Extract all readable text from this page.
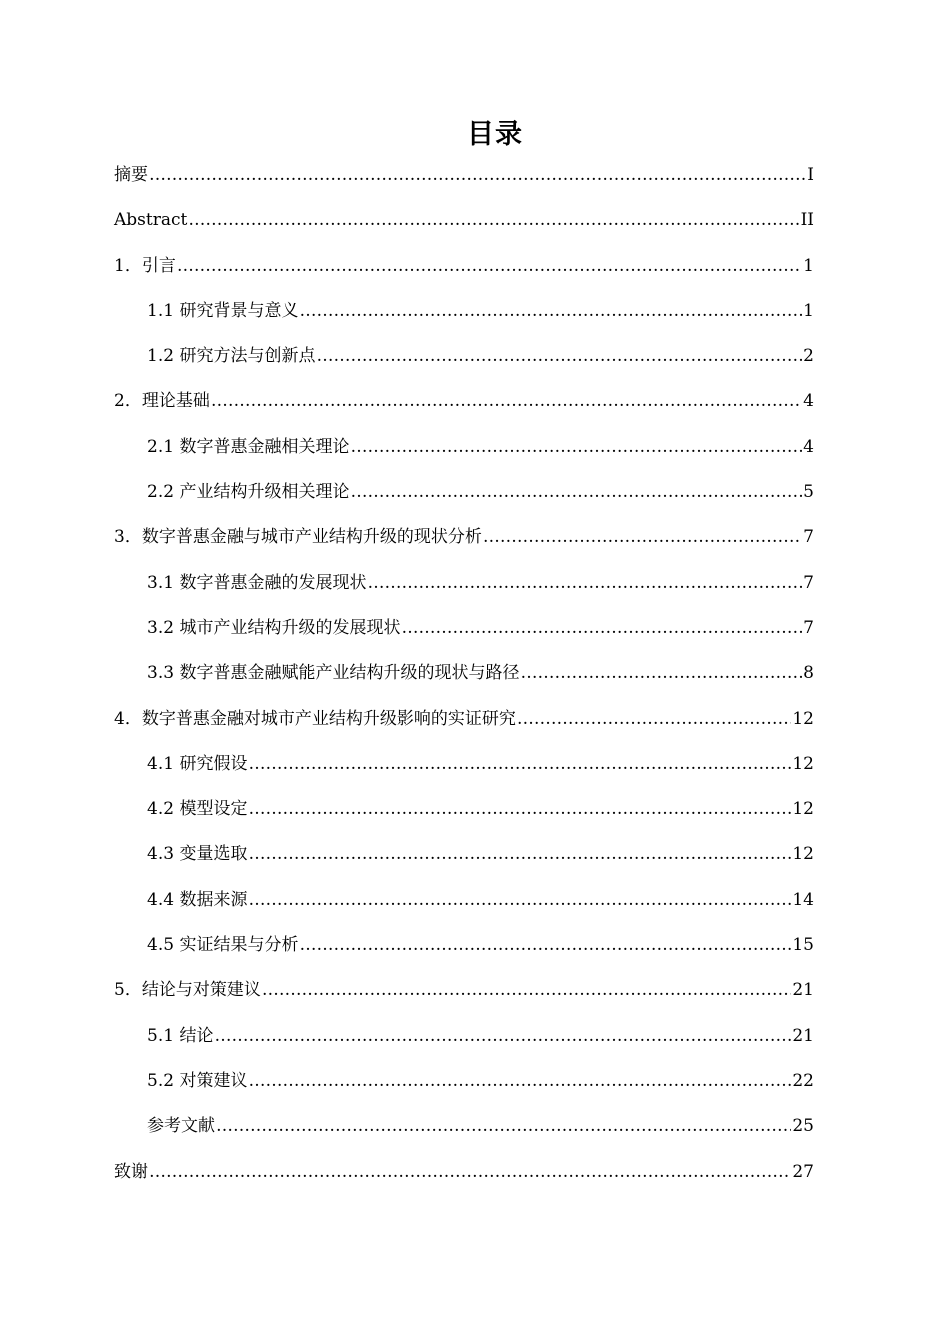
目录
摘要 ……………………………………………………………………………………………………………………………………………………………………………………………………	I
Abstract ……………………………………………………………………………………………………………………………………………………………………………………………………	II
1．引言 ……………………………………………………………………………………………………………………………………………………………………………………………………	1
1.1 研究背景与意义 ……………………………………………………………………………………………………………………………………………………………………………………………………	1
1.2 研究方法与创新点 ……………………………………………………………………………………………………………………………………………………………………………………………………	2
2．理论基础 ……………………………………………………………………………………………………………………………………………………………………………………………………	4
2.1 数字普惠金融相关理论 ……………………………………………………………………………………………………………………………………………………………………………………………………	4
2.2 产业结构升级相关理论 ……………………………………………………………………………………………………………………………………………………………………………………………………	5
3．数字普惠金融与城市产业结构升级的现状分析 ……………………………………………………………………………………………………………………………………………………………………………………………………	7
3.1 数字普惠金融的发展现状 ……………………………………………………………………………………………………………………………………………………………………………………………………	7
3.2 城市产业结构升级的发展现状 ……………………………………………………………………………………………………………………………………………………………………………………………………	7
3.3 数字普惠金融赋能产业结构升级的现状与路径 ……………………………………………………………………………………………………………………………………………………………………………………………………	8
4．数字普惠金融对城市产业结构升级影响的实证研究 ……………………………………………………………………………………………………………………………………………………………………………………………………	12
4.1 研究假设 ……………………………………………………………………………………………………………………………………………………………………………………………………	12
4.2 模型设定 ……………………………………………………………………………………………………………………………………………………………………………………………………	12
4.3 变量选取 ……………………………………………………………………………………………………………………………………………………………………………………………………	12
4.4 数据来源 ……………………………………………………………………………………………………………………………………………………………………………………………………	14
4.5 实证结果与分析 ……………………………………………………………………………………………………………………………………………………………………………………………………	15
5．结论与对策建议 ……………………………………………………………………………………………………………………………………………………………………………………………………	21
5.1 结论 ……………………………………………………………………………………………………………………………………………………………………………………………………	21
5.2 对策建议 ……………………………………………………………………………………………………………………………………………………………………………………………………	22
参考文献 ……………………………………………………………………………………………………………………………………………………………………………………………………	25
致谢 ……………………………………………………………………………………………………………………………………………………………………………………………………	27
